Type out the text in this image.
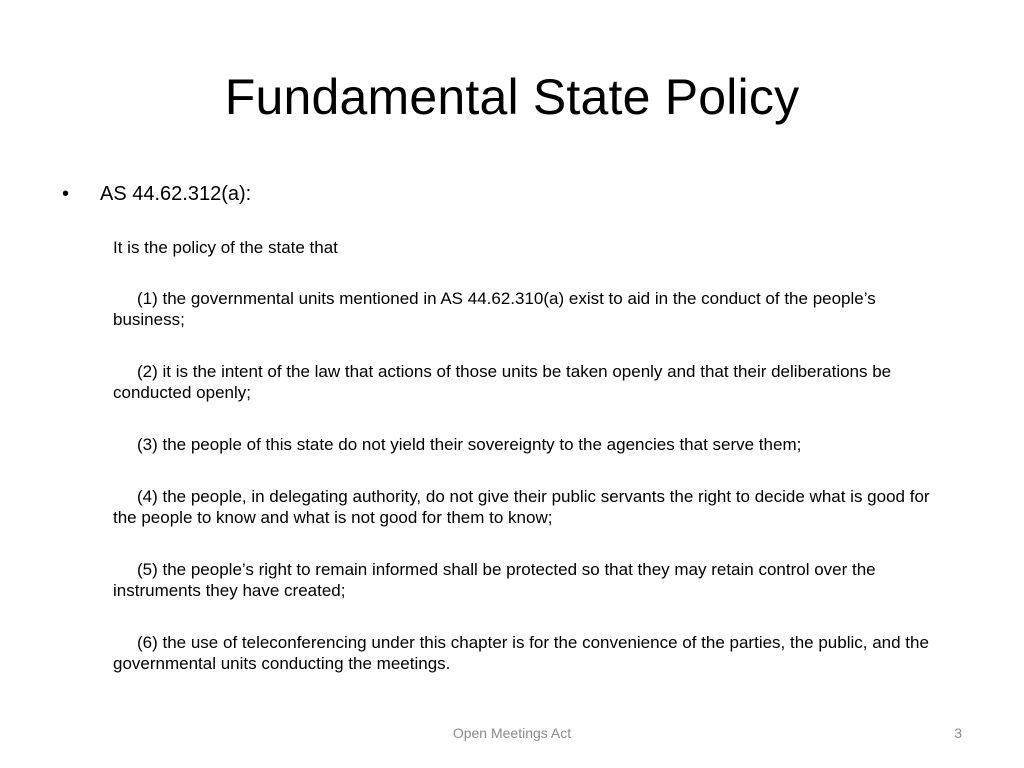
Fundamental State Policy
•	AS 44.62.312(a):
It is the policy of the state that
(1) the governmental units mentioned in AS 44.62.310(a) exist to aid in the conduct of the people’s business;
(2) it is the intent of the law that actions of those units be taken openly and that their deliberations be conducted openly;
(3) the people of this state do not yield their sovereignty to the agencies that serve them;
(4) the people, in delegating authority, do not give their public servants the right to decide what is good for the people to know and what is not good for them to know;
(5) the people’s right to remain informed shall be protected so that they may retain control over the instruments they have created;
(6) the use of teleconferencing under this chapter is for the convenience of the parties, the public, and the governmental units conducting the meetings.
Open Meetings Act	3
